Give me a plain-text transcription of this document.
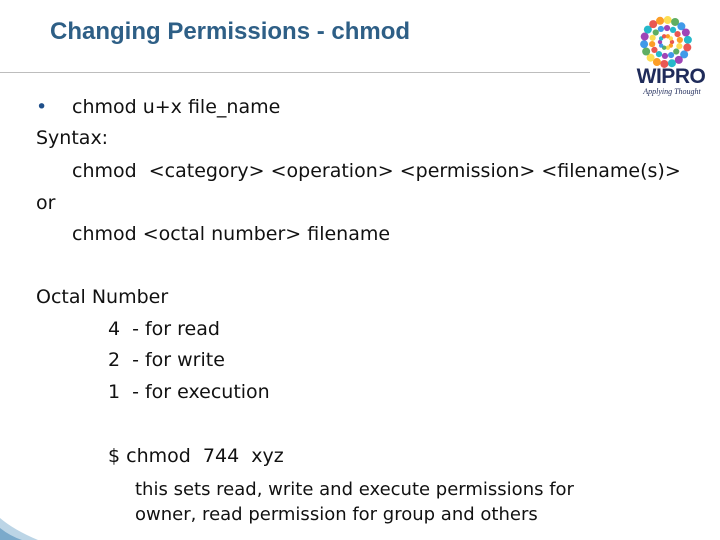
Changing Permissions - chmod
WIPRO
Applying Thought
• chmod u+x file_name
Syntax:
chmod  <category> <operation> <permission> <filename(s)>
or
chmod <octal number> filename
Octal Number
4 - for read
2 - for write
1 - for execution
$ chmod  744  xyz
this sets read, write and execute permissions for
owner, read permission for group and others
